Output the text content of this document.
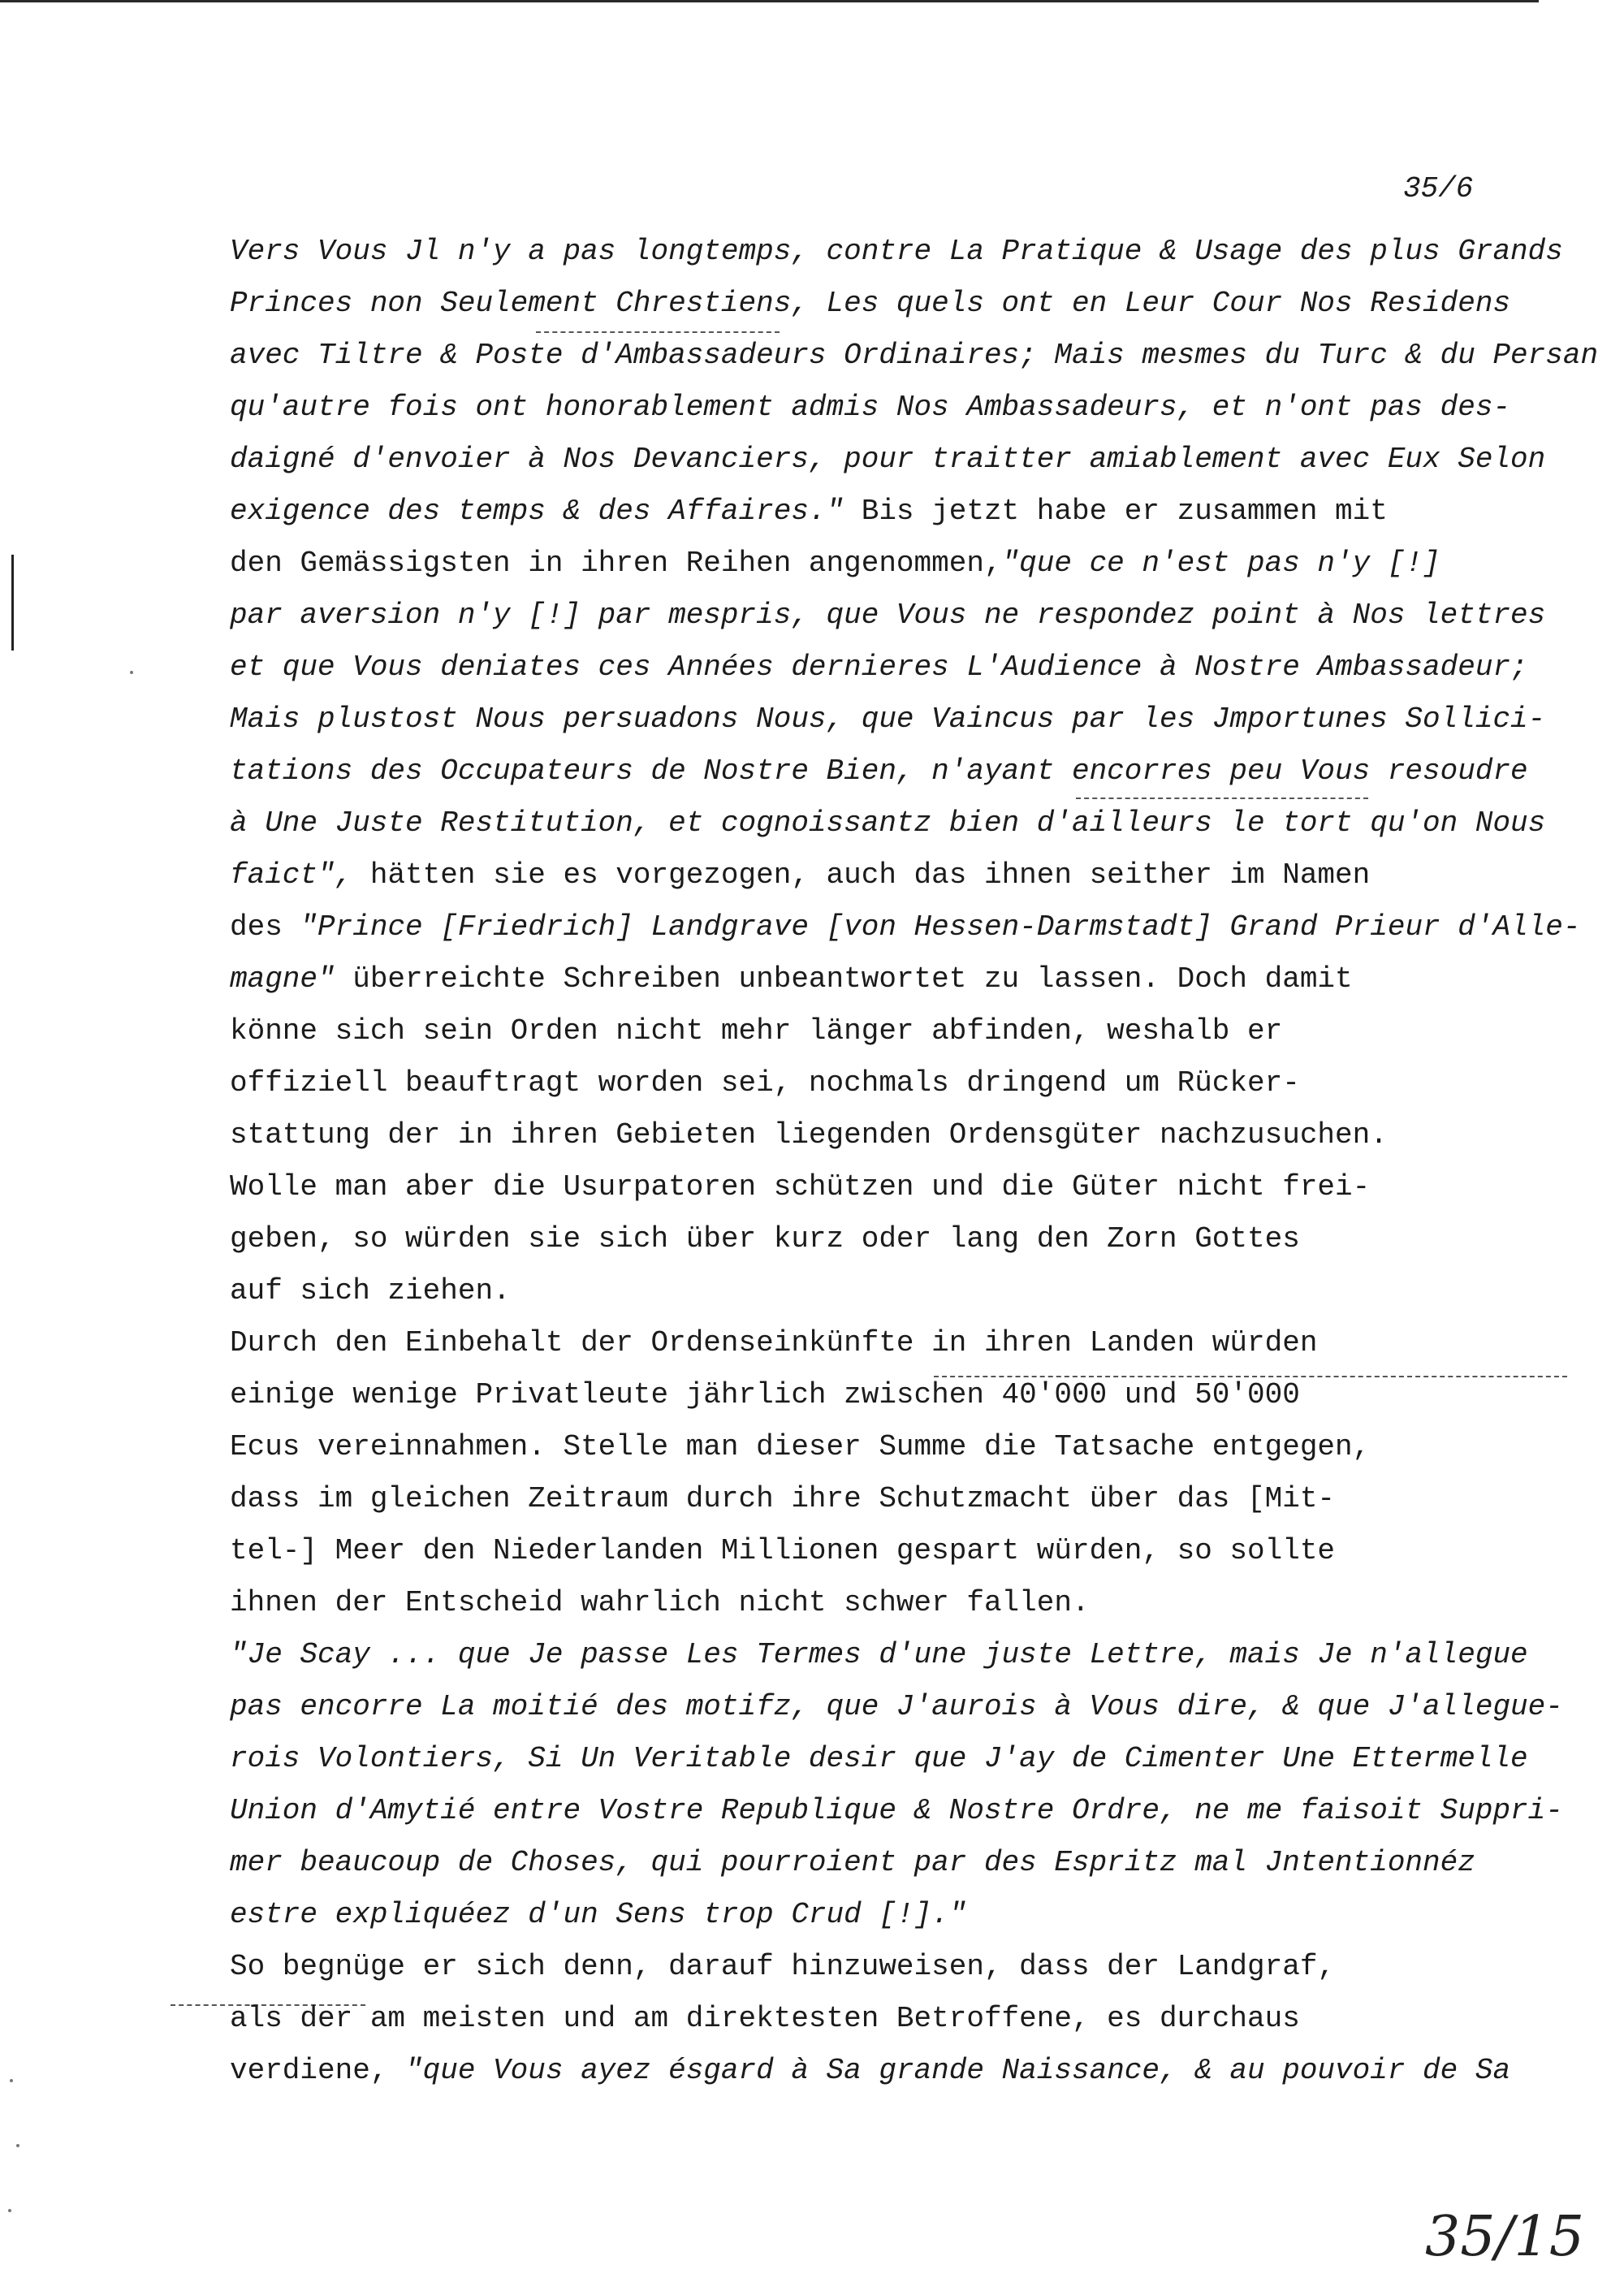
35/6
Vers Vous Jl n'y a pas longtemps, contre La Pratique & Usage des plus Grands
Princes non Seulement Chrestiens, Les quels ont en Leur Cour Nos Residens
avec Tiltre & Poste d'Ambassadeurs Ordinaires; Mais mesmes du Turc & du Persan
qu'autre fois ont honorablement admis Nos Ambassadeurs, et n'ont pas des-
daigné d'envoier à Nos Devanciers, pour traitter amiablement avec Eux Selon
exigence des temps & des Affaires." Bis jetzt habe er zusammen mit
den Gemässigsten in ihren Reihen angenommen,"que ce n'est pas n'y [!]
par aversion n'y [!] par mespris, que Vous ne respondez point à Nos lettres
et que Vous deniates ces Années dernieres L'Audience à Nostre Ambassadeur;
Mais plustost Nous persuadons Nous, que Vaincus par les Jmportunes Sollici-
tations des Occupateurs de Nostre Bien, n'ayant encorres peu Vous resoudre
à Une Juste Restitution, et cognoissantz bien d'ailleurs le tort qu'on Nous
faict", hätten sie es vorgezogen, auch das ihnen seither im Namen
des "Prince [Friedrich] Landgrave [von Hessen-Darmstadt] Grand Prieur d'Alle-
magne" überreichte Schreiben unbeantwortet zu lassen. Doch damit
könne sich sein Orden nicht mehr länger abfinden, weshalb er
offiziell beauftragt worden sei, nochmals dringend um Rücker-
stattung der in ihren Gebieten liegenden Ordensgüter nachzusuchen.
Wolle man aber die Usurpatoren schützen und die Güter nicht frei-
geben, so würden sie sich über kurz oder lang den Zorn Gottes
auf sich ziehen.
Durch den Einbehalt der Ordenseinkünfte in ihren Landen würden
einige wenige Privatleute jährlich zwischen 40'000 und 50'000
Ecus vereinnahmen. Stelle man dieser Summe die Tatsache entgegen,
dass im gleichen Zeitraum durch ihre Schutzmacht über das [Mit-
tel-] Meer den Niederlanden Millionen gespart würden, so sollte
ihnen der Entscheid wahrlich nicht schwer fallen.
"Je Scay ... que Je passe Les Termes d'une juste Lettre, mais Je n'allegue
pas encorre La moitié des motifz, que J'aurois à Vous dire, & que J'allegue-
rois Volontiers, Si Un Veritable desir que J'ay de Cimenter Une Ettermelle
Union d'Amytié entre Vostre Republique & Nostre Ordre, ne me faisoit Suppri-
mer beaucoup de Choses, qui pourroient par des Espritz mal Jntentionnéz
estre expliquéez d'un Sens trop Crud [!]."
So begnüge er sich denn, darauf hinzuweisen, dass der Landgraf,
als der am meisten und am direktesten Betroffene, es durchaus
verdiene, "que Vous ayez ésgard à Sa grande Naissance, & au pouvoir de Sa
35/15
